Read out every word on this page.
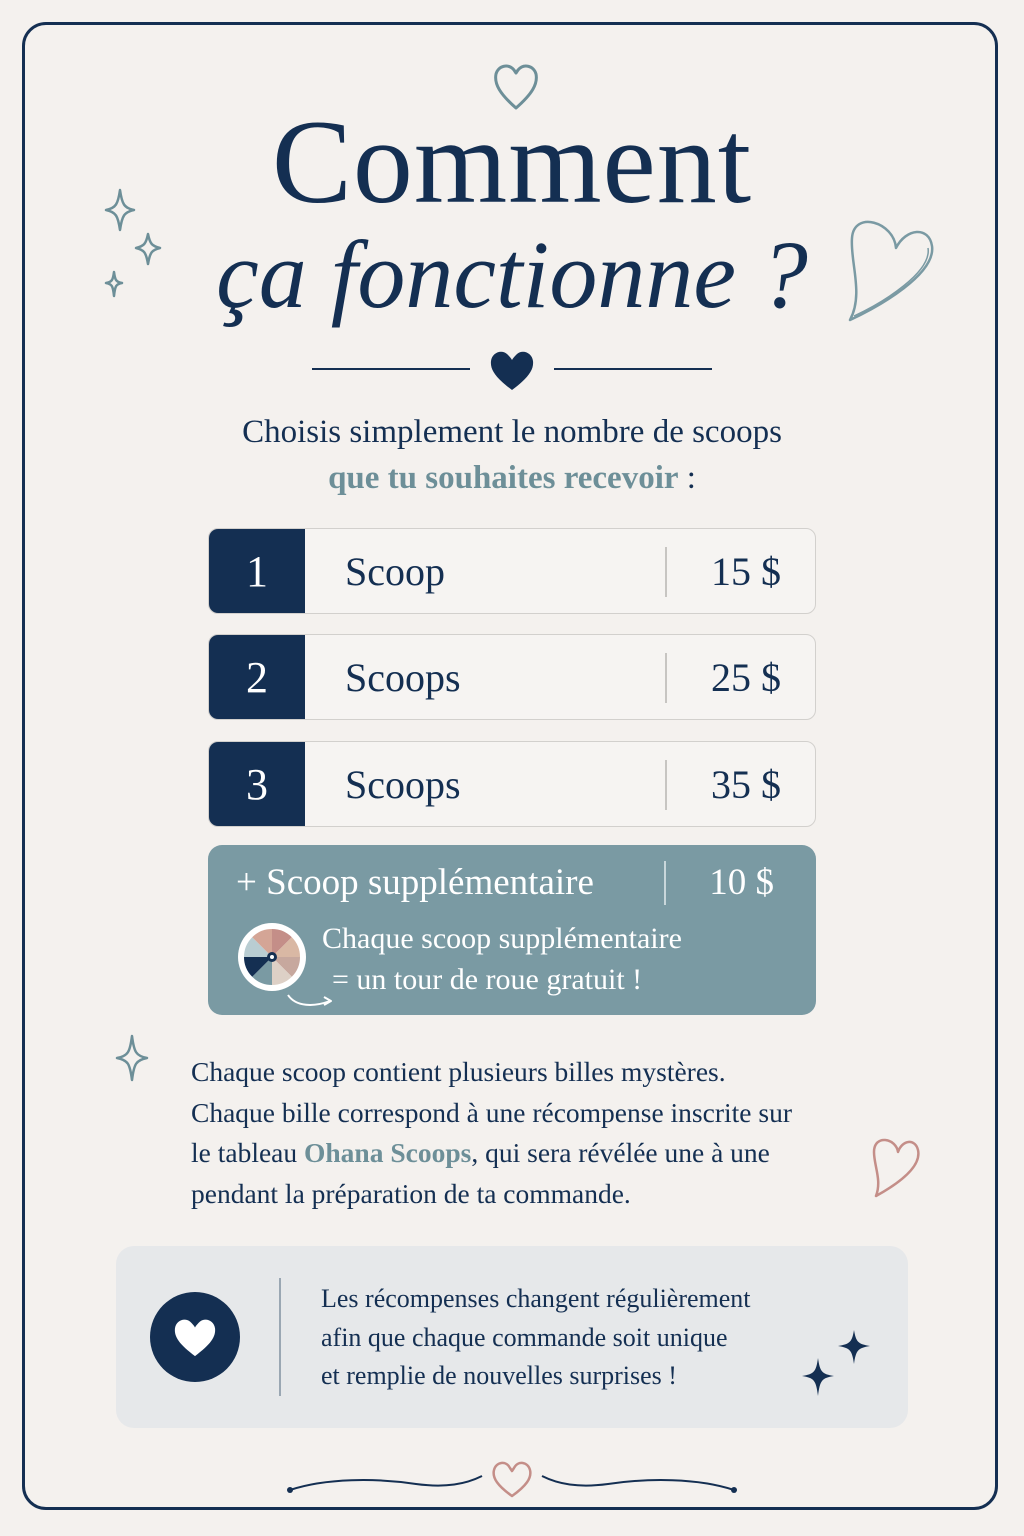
Comment
ça fonctionne ?
Choisis simplement le nombre de scoops
que tu souhaites recevoir :
1	Scoop	15 $
2	Scoops	25 $
3	Scoops	35 $
+ Scoop supplémentaire	10 $
Chaque scoop supplémentaire
= un tour de roue gratuit !

Chaque scoop contient plusieurs billes mystères.

Chaque bille correspond à une récompense inscrite sur

le tableau Ohana Scoops, qui sera révélée une à une

pendant la préparation de ta commande.

Les récompenses changent régulièrement

afin que chaque commande soit unique

et remplie de nouvelles surprises !
